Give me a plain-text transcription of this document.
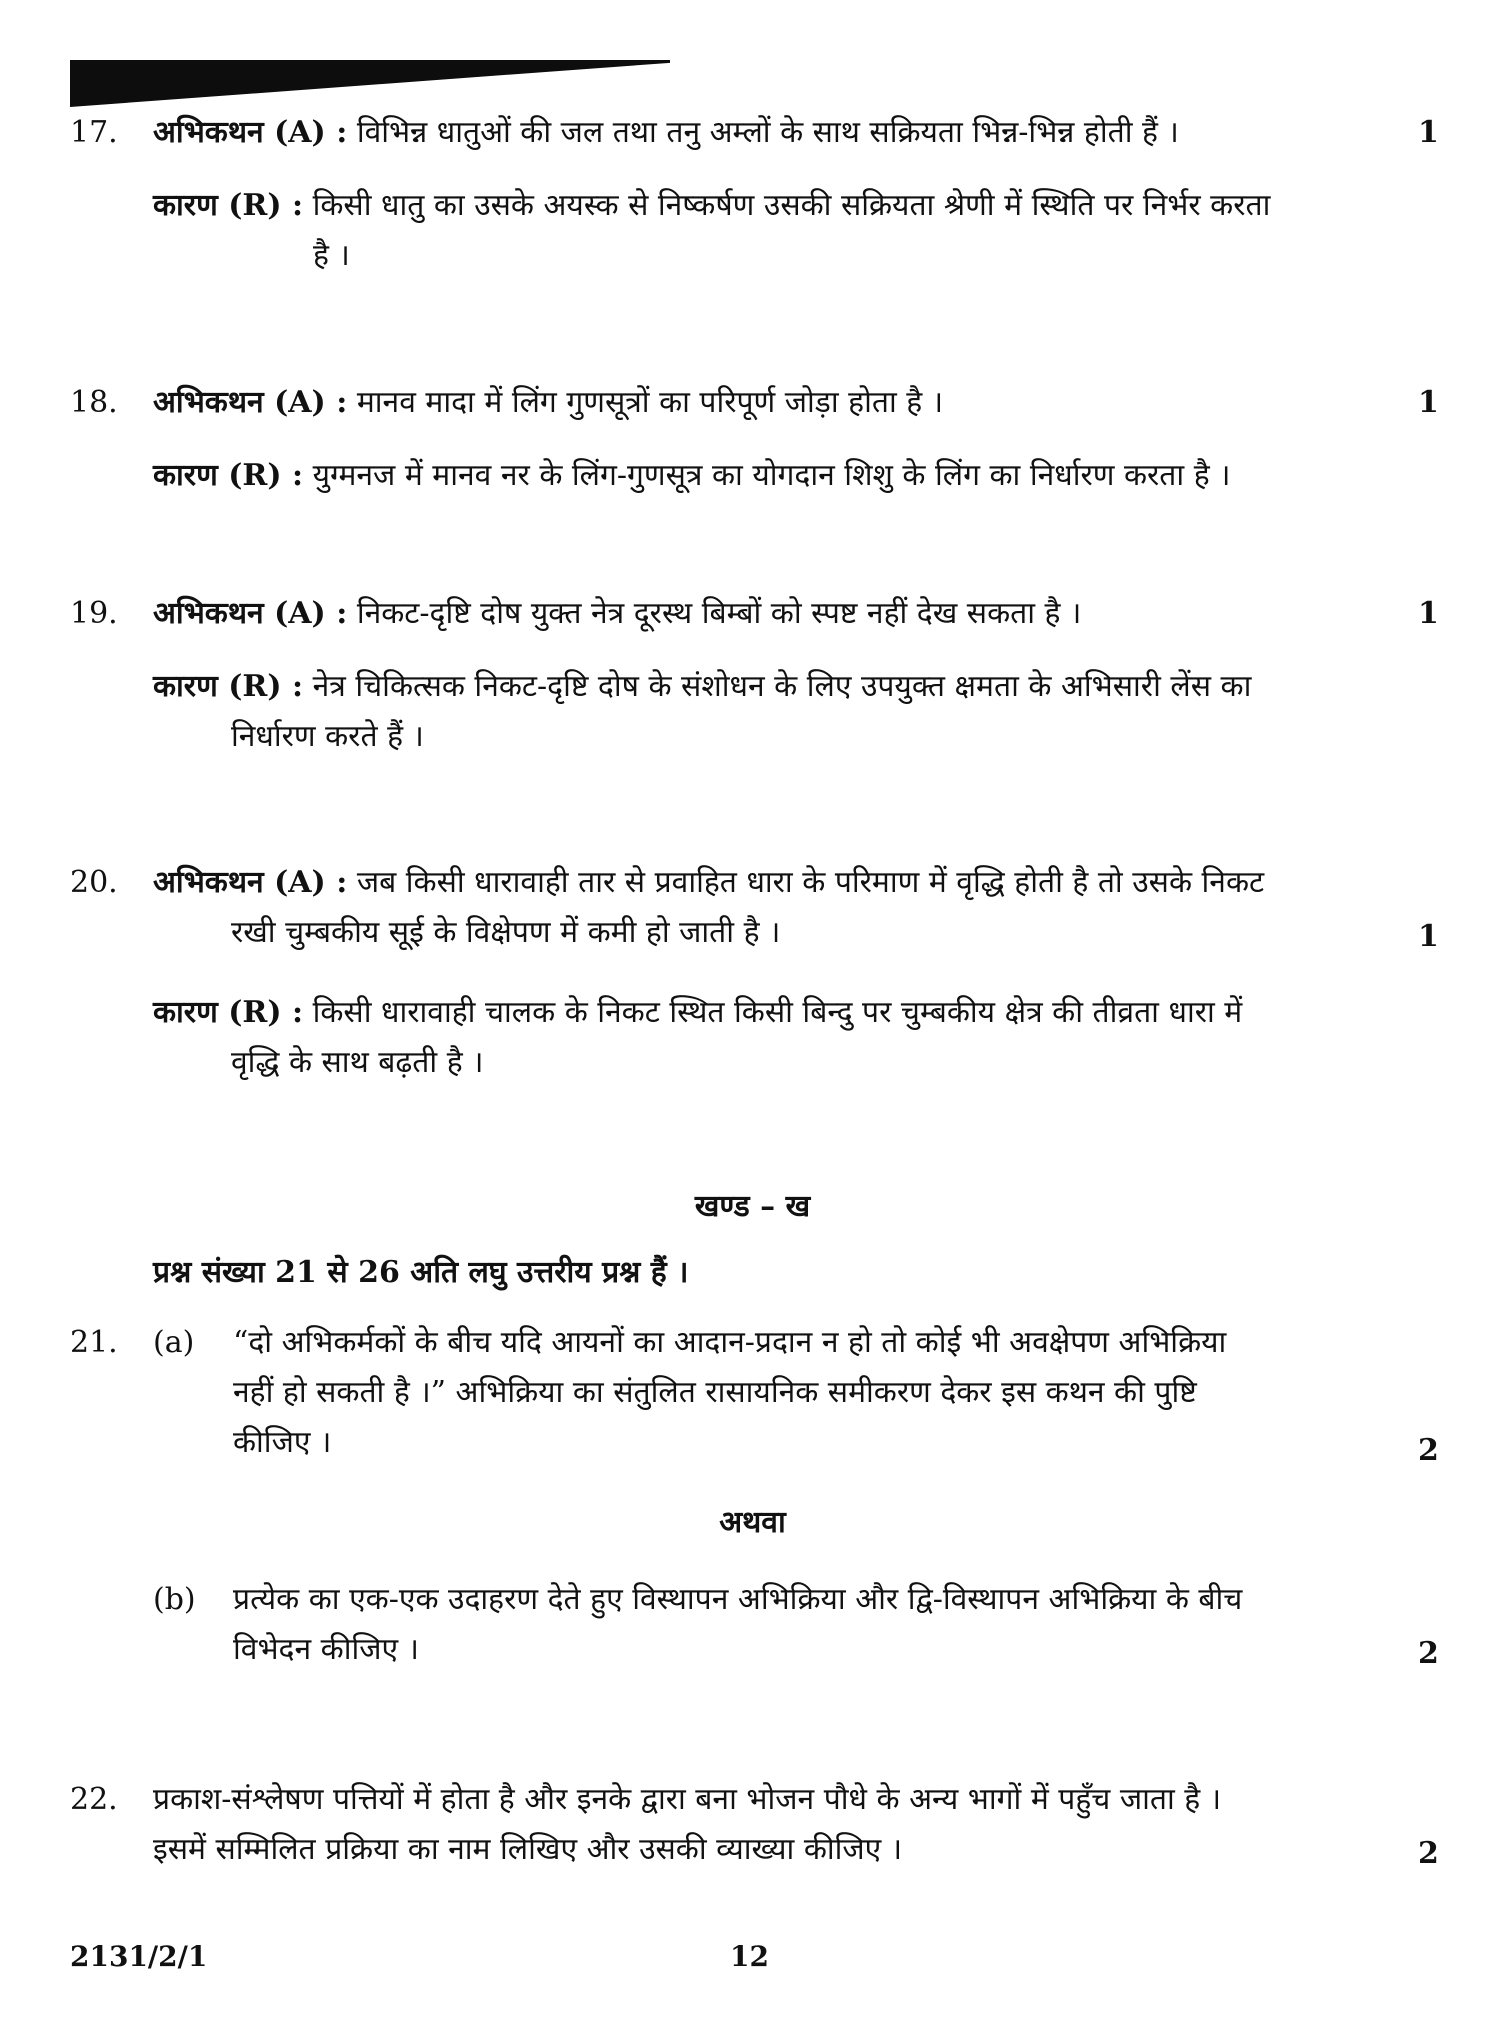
17. अभिकथन (A) : विभिन्न धातुओं की जल तथा तनु अम्लों के साथ सक्रियता भिन्न-भिन्न होती हैं ।	1
कारण (R) : किसी धातु का उसके अयस्क से निष्कर्षण उसकी सक्रियता श्रेणी में स्थिति पर निर्भर करता
है ।
18. अभिकथन (A) : मानव मादा में लिंग गुणसूत्रों का परिपूर्ण जोड़ा होता है ।	1
कारण (R) : युग्मनज में मानव नर के लिंग-गुणसूत्र का योगदान शिशु के लिंग का निर्धारण करता है ।
19. अभिकथन (A) : निकट-दृष्टि दोष युक्त नेत्र दूरस्थ बिम्बों को स्पष्ट नहीं देख सकता है ।	1
कारण (R) : नेत्र चिकित्सक निकट-दृष्टि दोष के संशोधन के लिए उपयुक्त क्षमता के अभिसारी लेंस का
निर्धारण करते हैं ।
20. अभिकथन (A) : जब किसी धारावाही तार से प्रवाहित धारा के परिमाण में वृद्धि होती है तो उसके निकट
रखी चुम्बकीय सूई के विक्षेपण में कमी हो जाती है ।	1
कारण (R) : किसी धारावाही चालक के निकट स्थित किसी बिन्दु पर चुम्बकीय क्षेत्र की तीव्रता धारा में
वृद्धि के साथ बढ़ती है ।
खण्ड – ख
प्रश्न संख्या 21 से 26 अति लघु उत्तरीय प्रश्न हैं ।
21. (a) “दो अभिकर्मकों के बीच यदि आयनों का आदान-प्रदान न हो तो कोई भी अवक्षेपण अभिक्रिया
नहीं हो सकती है ।” अभिक्रिया का संतुलित रासायनिक समीकरण देकर इस कथन की पुष्टि
कीजिए ।	2
अथवा
(b) प्रत्येक का एक-एक उदाहरण देते हुए विस्थापन अभिक्रिया और द्वि-विस्थापन अभिक्रिया के बीच
विभेदन कीजिए ।	2
22. प्रकाश-संश्लेषण पत्तियों में होता है और इनके द्वारा बना भोजन पौधे के अन्य भागों में पहुँच जाता है ।
इसमें सम्मिलित प्रक्रिया का नाम लिखिए और उसकी व्याख्या कीजिए ।	2
2131/2/1	12
